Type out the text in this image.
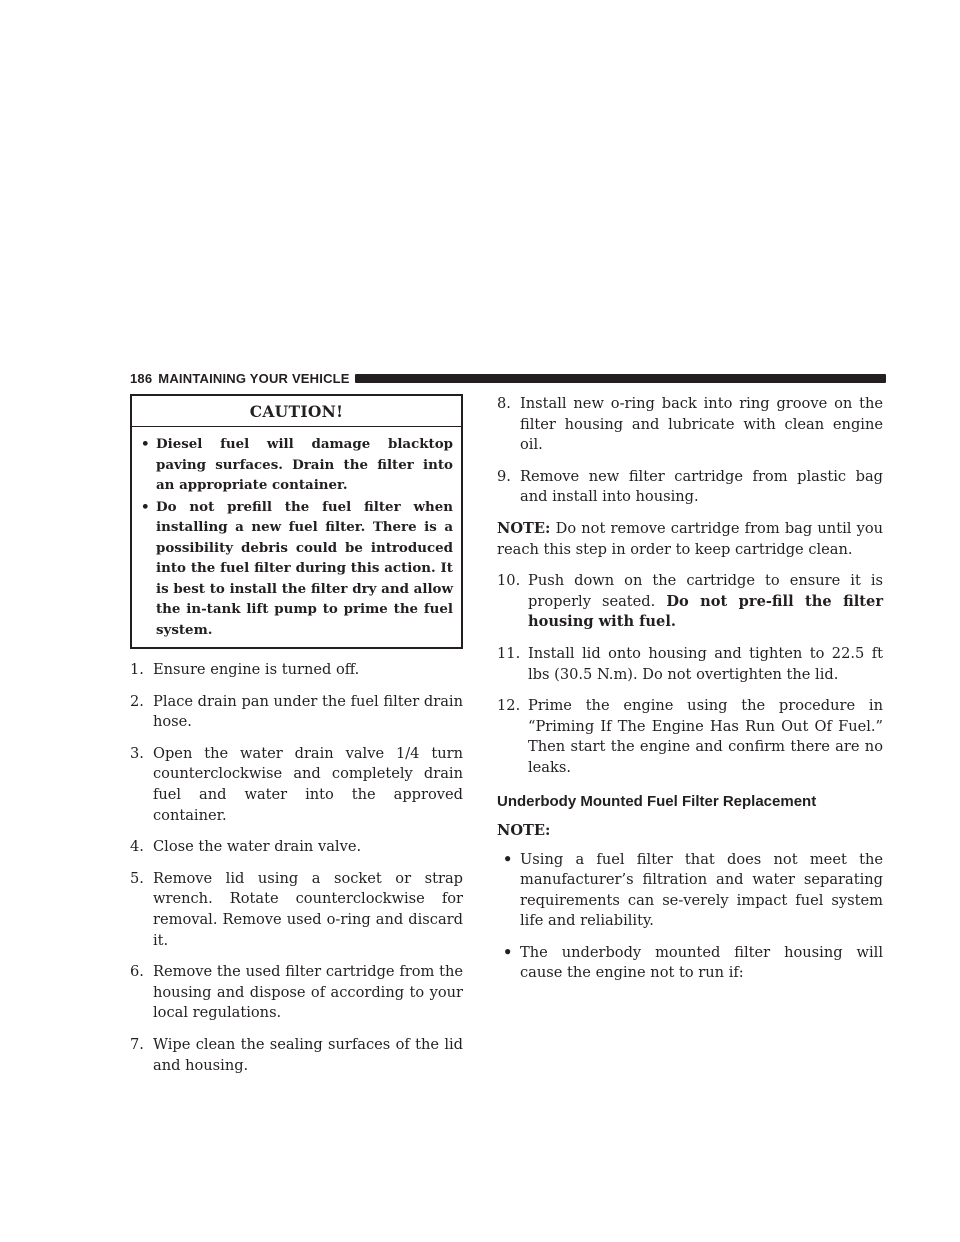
186 MAINTAINING YOUR VEHICLE
CAUTION!
• Diesel fuel will damage blacktop paving surfaces. Drain the filter into an appropriate container.
• Do not prefill the fuel filter when installing a new fuel filter. There is a possibility debris could be introduced into the fuel filter during this action. It is best to install the filter dry and allow the in-tank lift pump to prime the fuel system.
1. Ensure engine is turned off.
2. Place drain pan under the fuel filter drain hose.
3. Open the water drain valve 1/4 turn counterclockwise and completely drain fuel and water into the approved container.
4. Close the water drain valve.
5. Remove lid using a socket or strap wrench. Rotate counterclockwise for removal. Remove used o-ring and discard it.
6. Remove the used filter cartridge from the housing and dispose of according to your local regulations.
7. Wipe clean the sealing surfaces of the lid and housing.
8. Install new o-ring back into ring groove on the filter housing and lubricate with clean engine oil.
9. Remove new filter cartridge from plastic bag and install into housing.
NOTE: Do not remove cartridge from bag until you reach this step in order to keep cartridge clean.
10. Push down on the cartridge to ensure it is properly seated. Do not pre-fill the filter housing with fuel.
11. Install lid onto housing and tighten to 22.5 ft lbs (30.5 N.m). Do not overtighten the lid.
12. Prime the engine using the procedure in “Priming If The Engine Has Run Out Of Fuel.” Then start the engine and confirm there are no leaks.
Underbody Mounted Fuel Filter Replacement
NOTE:
• Using a fuel filter that does not meet the manufacturer’s filtration and water separating requirements can se-verely impact fuel system life and reliability.
• The underbody mounted filter housing will cause the engine not to run if:
